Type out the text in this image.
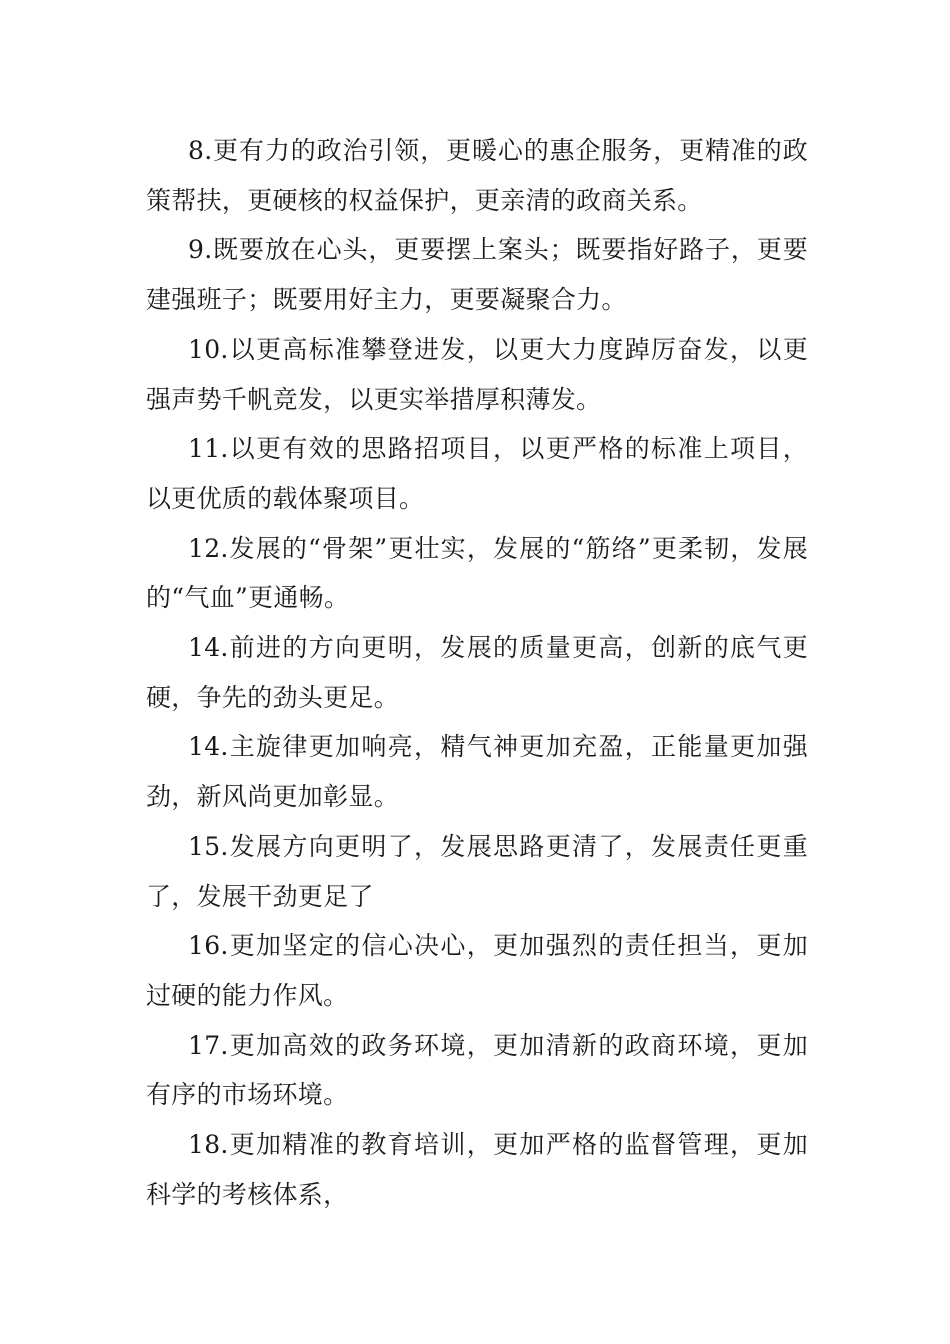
8.更有力的政治引领，更暖心的惠企服务，更精准的政策帮扶，更硬核的权益保护，更亲清的政商关系。

9.既要放在心头，更要摆上案头；既要指好路子，更要建强班子；既要用好主力，更要凝聚合力。

10.以更高标准攀登进发，以更大力度踔厉奋发，以更强声势千帆竞发，以更实举措厚积薄发。

11.以更有效的思路招项目，以更严格的标准上项目，以更优质的载体聚项目。

12.发展的“骨架”更壮实，发展的“筋络”更柔韧，发展的“气血”更通畅。

14.前进的方向更明，发展的质量更高，创新的底气更硬，争先的劲头更足。

14.主旋律更加响亮，精气神更加充盈，正能量更加强劲，新风尚更加彰显。

15.发展方向更明了，发展思路更清了，发展责任更重了，发展干劲更足了

16.更加坚定的信心决心，更加强烈的责任担当，更加过硬的能力作风。

17.更加高效的政务环境，更加清新的政商环境，更加有序的市场环境。

18.更加精准的教育培训，更加严格的监督管理，更加科学的考核体系，
